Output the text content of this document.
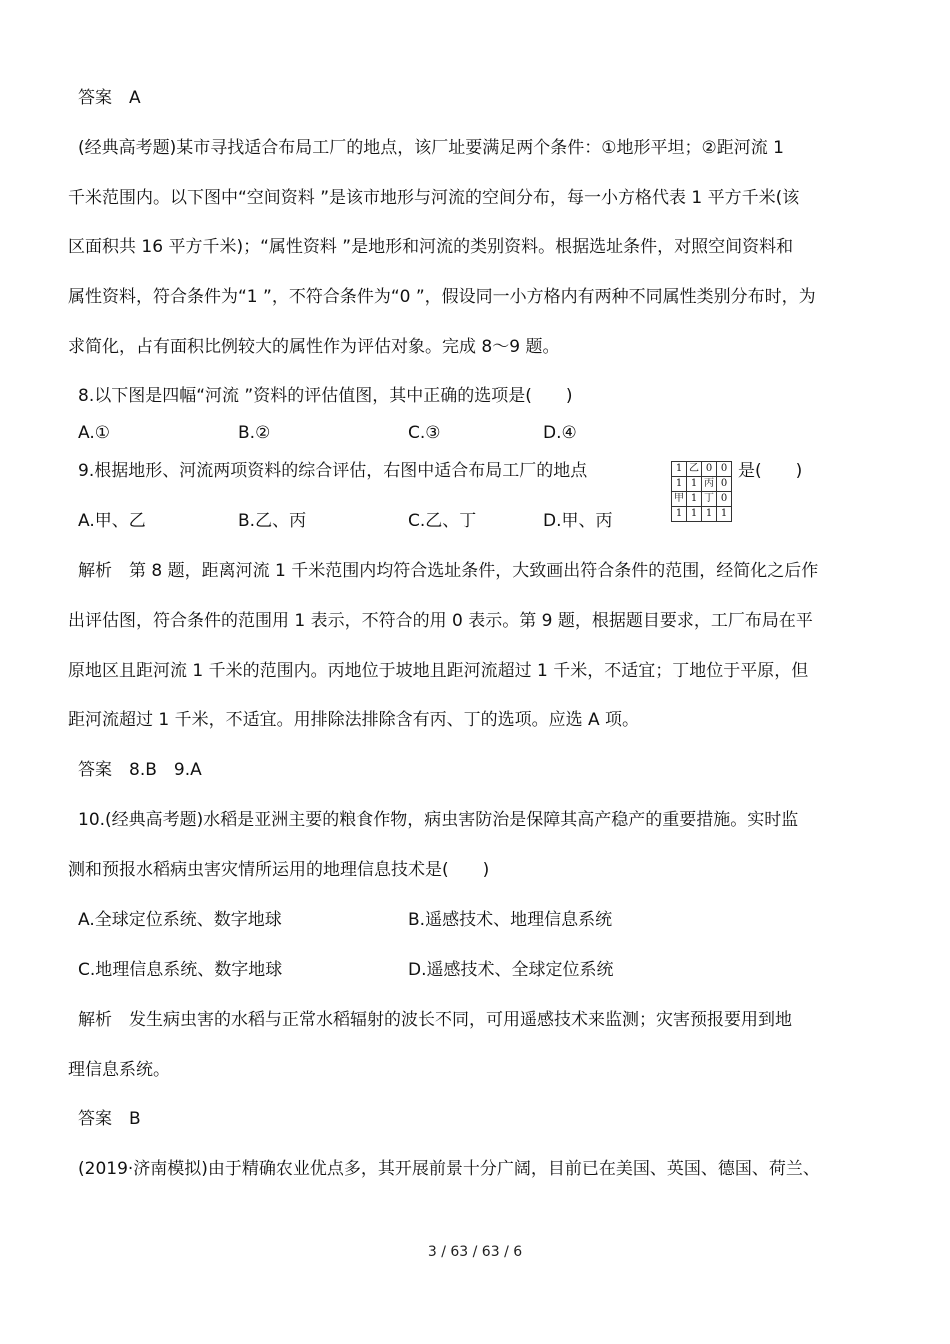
答案　A
(经典高考题)某市寻找适合布局工厂的地点，该厂址要满足两个条件：①地形平坦；②距河流 1
千米范围内。以下图中“空间资料 ”是该市地形与河流的空间分布，每一小方格代表 1 平方千米(该
区面积共 16 平方千米)；“属性资料 ”是地形和河流的类别资料。根据选址条件，对照空间资料和
属性资料，符合条件为“1 ”，不符合条件为“0 ”，假设同一小方格内有两种不同属性类别分布时，为
求简化，占有面积比例较大的属性作为评估对象。完成 8～9 题。
8.以下图是四幅“河流 ”资料的评估值图，其中正确的选项是(　　)
A.①	B.②	C.③	D.④
9.根据地形、河流两项资料的综合评估，右图中适合布局工厂的地点	1	乙	0	0
1	1	丙	0
甲	1	丁	0
1	1	1	1
是(　　)
A.甲、乙	B.乙、丙	C.乙、丁	D.甲、丙
解析　第 8 题，距离河流 1 千米范围内均符合选址条件，大致画出符合条件的范围，经简化之后作
出评估图，符合条件的范围用 1 表示，不符合的用 0 表示。第 9 题，根据题目要求，工厂布局在平
原地区且距河流 1 千米的范围内。丙地位于坡地且距河流超过 1 千米，不适宜；丁地位于平原，但
距河流超过 1 千米，不适宜。用排除法排除含有丙、丁的选项。应选 A 项。
答案　8.B　9.A
10.(经典高考题)水稻是亚洲主要的粮食作物，病虫害防治是保障其高产稳产的重要措施。实时监
测和预报水稻病虫害灾情所运用的地理信息技术是(　　)
A.全球定位系统、数字地球	B.遥感技术、地理信息系统
C.地理信息系统、数字地球	D.遥感技术、全球定位系统
解析　发生病虫害的水稻与正常水稻辐射的波长不同，可用遥感技术来监测；灾害预报要用到地
理信息系统。
答案　B
(2019·济南模拟)由于精确农业优点多，其开展前景十分广阔，目前已在美国、英国、德国、荷兰、
3 / 63 / 63 / 6
